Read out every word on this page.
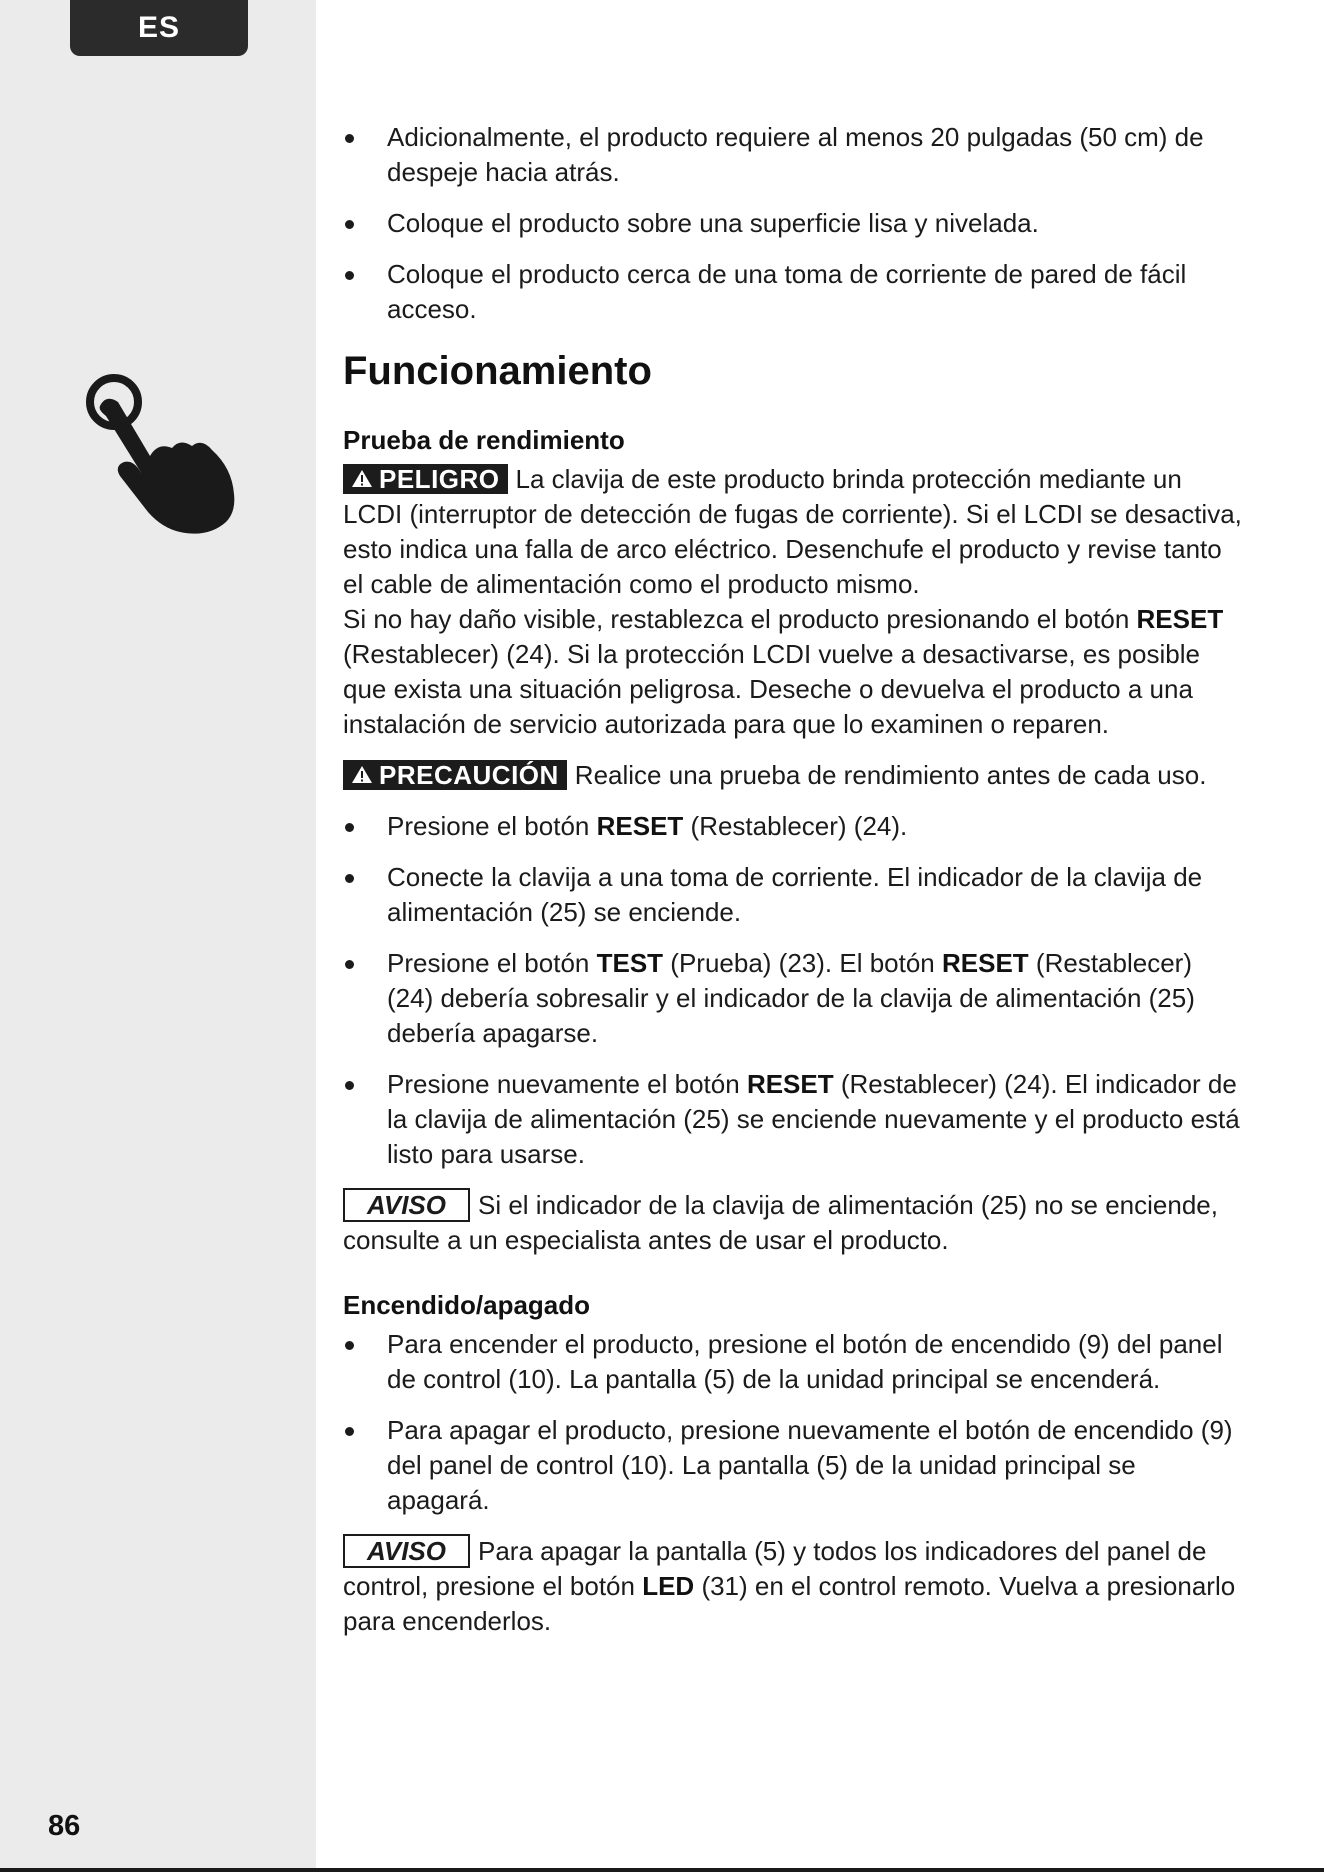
ES
Adicionalmente, el producto requiere al menos 20 pulgadas (50 cm) de despeje hacia atrás.
Coloque el producto sobre una superficie lisa y nivelada.
Coloque el producto cerca de una toma de corriente de pared de fácil acceso.
Funcionamiento
Prueba de rendimiento

PELIGRO La clavija de este producto brinda protección mediante un LCDI (interruptor de detección de fugas de corriente). Si el LCDI se desactiva, esto indica una falla de arco eléctrico. Desenchufe el producto y revise tanto el cable de alimentación como el producto mismo.

Si no hay daño visible, restablezca el producto presionando el botón RESET (Restablecer) (24). Si la protección LCDI vuelve a desactivarse, es posible que exista una situación peligrosa. Deseche o devuelva el producto a una instalación de servicio autorizada para que lo examinen o reparen.

PRECAUCIÓN Realice una prueba de rendimiento antes de cada uso.

Presione el botón RESET (Restablecer) (24).
Conecte la clavija a una toma de corriente. El indicador de la clavija de alimentación (25) se enciende.
Presione el botón TEST (Prueba) (23). El botón RESET (Restablecer) (24) debería sobresalir y el indicador de la clavija de alimentación (25) debería apagarse.
Presione nuevamente el botón RESET (Restablecer) (24). El indicador de la clavija de alimentación (25) se enciende nuevamente y el producto está listo para usarse.

AVISO Si el indicador de la clavija de alimentación (25) no se enciende, consulte a un especialista antes de usar el producto.

Encendido/apagado
Para encender el producto, presione el botón de encendido (9) del panel de control (10). La pantalla (5) de la unidad principal se encenderá.
Para apagar el producto, presione nuevamente el botón de encendido (9) del panel de control (10). La pantalla (5) de la unidad principal se apagará.

AVISO Para apagar la pantalla (5) y todos los indicadores del panel de control, presione el botón LED (31) en el control remoto. Vuelva a presionarlo para encenderlos.

86
